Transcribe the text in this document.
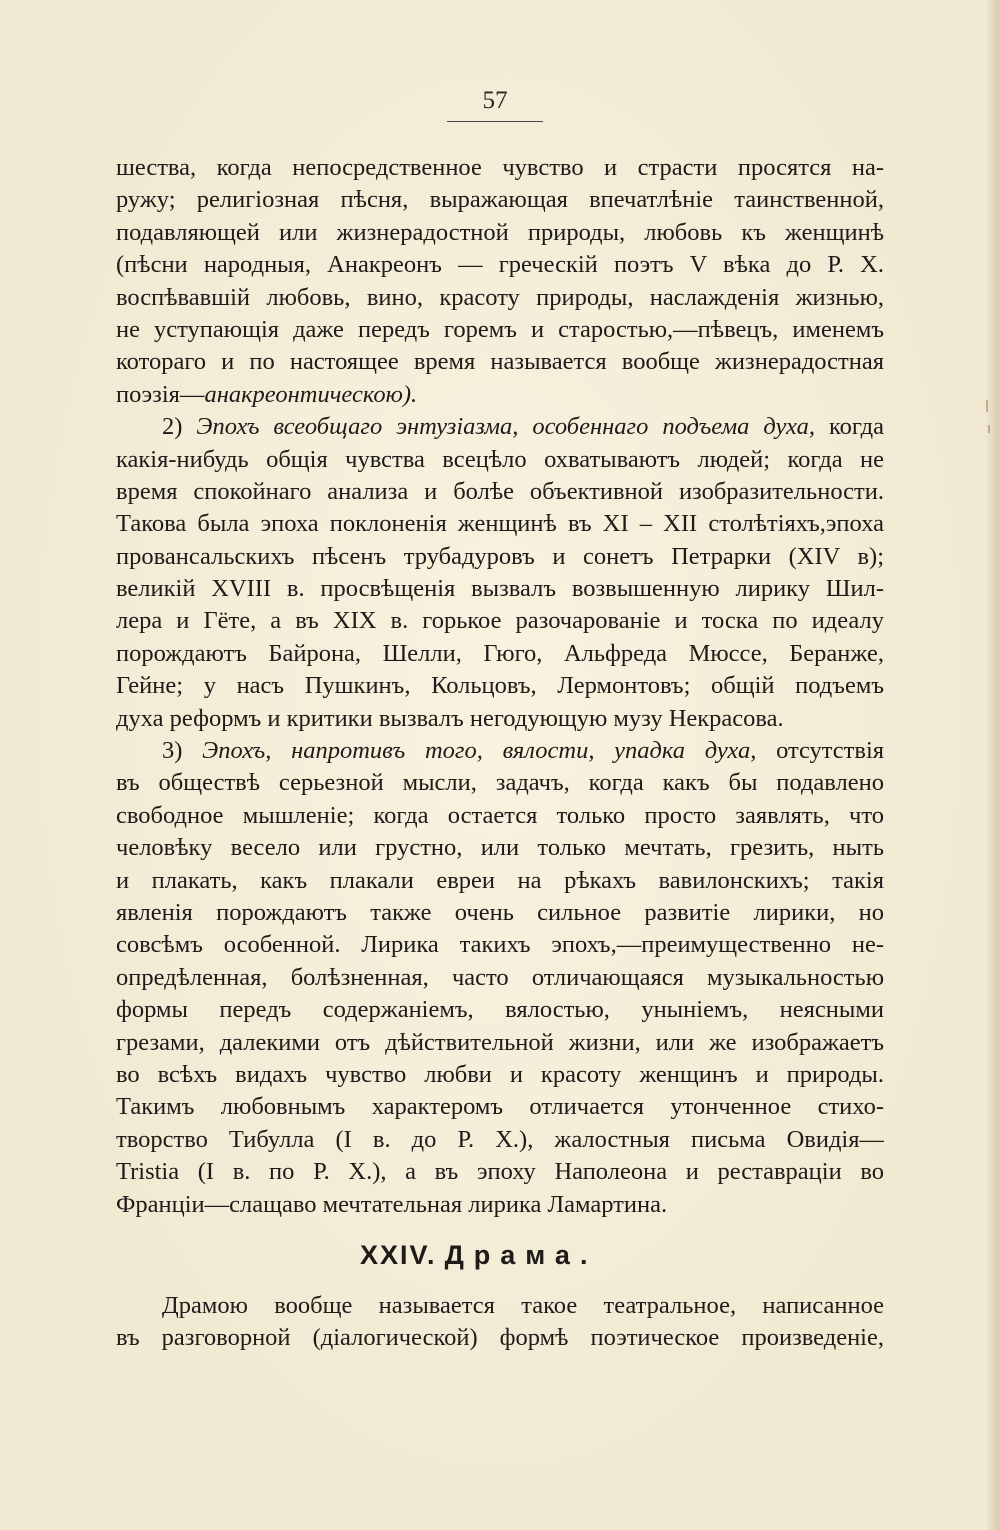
57
шества, когда непосредственное чувство и страсти просятся на-
ружу; религіозная пѣсня, выражающая впечатлѣніе таинственной,
подавляющей или жизнерадостной природы, любовь къ женщинѣ
(пѣсни народныя, Анакреонъ — греческій поэтъ V вѣка до Р. X.
воспѣвавшій любовь, вино, красоту природы, наслажденія жизнью,
не уступающія даже передъ горемъ и старостью,—пѣвецъ, именемъ
котораго и по настоящее время называется вообще жизнерадостная
поэзія—анакреонтическою).
2) Эпохъ всеобщаго энтузіазма, особеннаго подъема духа, когда
какія-нибудь общія чувства всецѣло охватываютъ людей; когда не
время спокойнаго анализа и болѣе объективной изобразительности.
Такова была эпоха поклоненія женщинѣ въ XI – XII столѣтіяхъ,эпоха
провансальскихъ пѣсенъ трубадуровъ и сонетъ Петрарки (XIV в);
великій XVIII в. просвѣщенія вызвалъ возвышенную лирику Шил-
лера и Гёте, а въ XIX в. горькое разочарованіе и тоска по идеалу
порождаютъ Байрона, Шелли, Гюго, Альфреда Мюссе, Беранже,
Гейне; у насъ Пушкинъ, Кольцовъ, Лермонтовъ; общій подъемъ
духа реформъ и критики вызвалъ негодующую музу Некрасова.
3) Эпохъ, напротивъ того, вялости, упадка духа, отсутствія
въ обществѣ серьезной мысли, задачъ, когда какъ бы подавлено
свободное мышленіе; когда остается только просто заявлять, что
человѣку весело или грустно, или только мечтать, грезить, ныть
и плакать, какъ плакали евреи на рѣкахъ вавилонскихъ; такія
явленія порождаютъ также очень сильное развитіе лирики, но
совсѣмъ особенной. Лирика такихъ эпохъ,—преимущественно не-
опредѣленная, болѣзненная, часто отличающаяся музыкальностью
формы передъ содержаніемъ, вялостью, уныніемъ, неясными
грезами, далекими отъ дѣйствительной жизни, или же изображаетъ
во всѣхъ видахъ чувство любви и красоту женщинъ и природы.
Такимъ любовнымъ характеромъ отличается утонченное стихо-
творство Тибулла (I в. до Р. X.), жалостныя письма Овидія—
Tristia (I в. по Р. X.), а въ эпоху Наполеона и реставраціи во
Франціи—слащаво мечтательная лирика Ламартина.
XXIV. Драма.
Драмою вообще называется такое театральное, написанное
въ разговорной (діалогической) формѣ поэтическое произведеніе,
